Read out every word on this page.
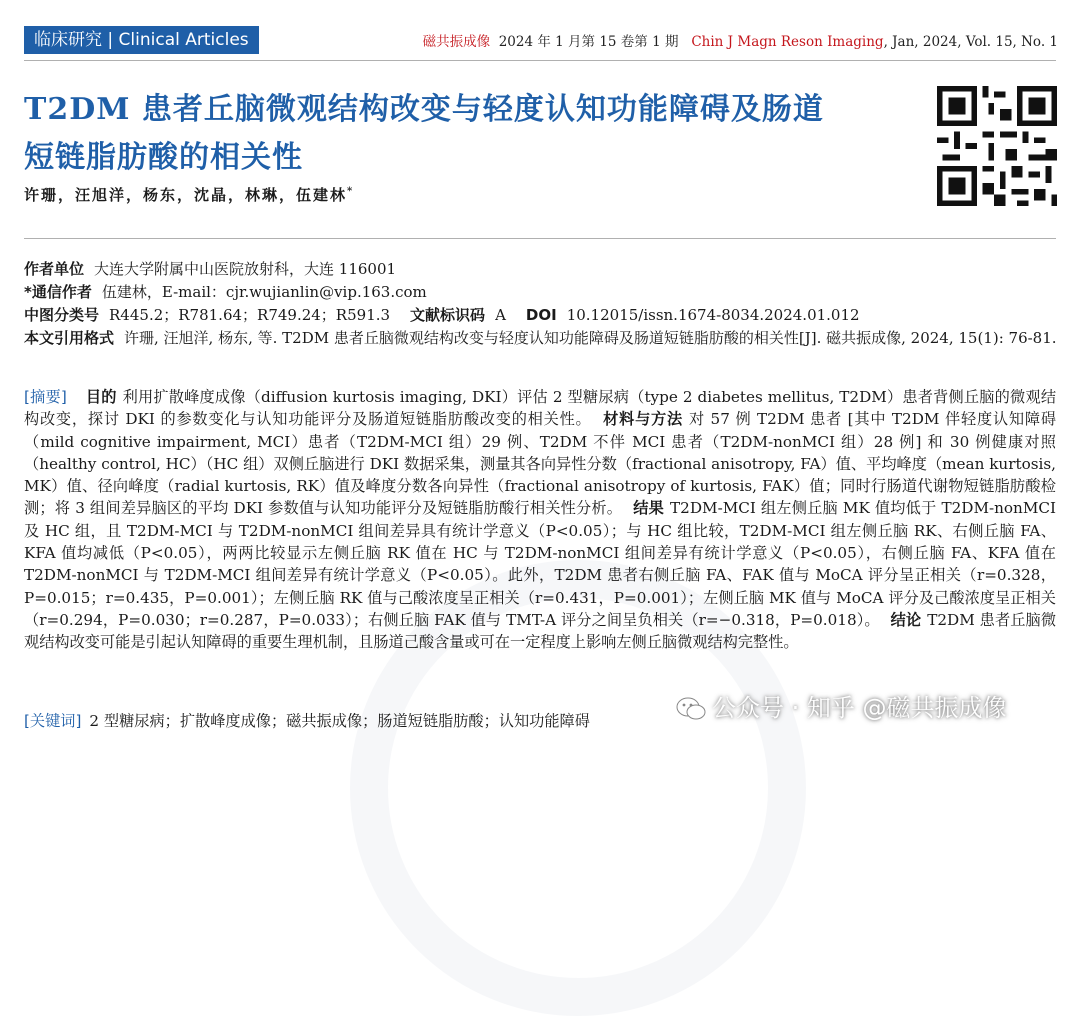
临床研究 | Clinical Articles	磁共振成像 2024 年 1 月第 15 卷第 1 期 Chin J Magn Reson Imaging, Jan, 2024, Vol. 15, No. 1
T2DM 患者丘脑微观结构改变与轻度认知功能障碍及肠道短链脂肪酸的相关性
许珊，汪旭洋，杨东，沈晶，林琳，伍建林*
作者单位 大连大学附属中山医院放射科，大连 116001
*通信作者 伍建林，E-mail：cjr.wujianlin@vip.163.com
中图分类号 R445.2；R781.64；R749.24；R591.3 文献标识码 A DOI 10.12015/issn.1674-8034.2024.01.012
本文引用格式 许珊, 汪旭洋, 杨东, 等. T2DM 患者丘脑微观结构改变与轻度认知功能障碍及肠道短链脂肪酸的相关性[J]. 磁共振成像, 2024, 15(1): 76-81.
[摘要] 目的 利用扩散峰度成像（diffusion kurtosis imaging, DKI）评估 2 型糖尿病（type 2 diabetes mellitus, T2DM）患者背侧丘脑的微观结构改变，探讨 DKI 的参数变化与认知功能评分及肠道短链脂肪酸改变的相关性。 材料与方法 对 57 例 T2DM 患者 [其中 T2DM 伴轻度认知障碍（mild cognitive impairment, MCI）患者（T2DM-MCI 组）29 例、T2DM 不伴 MCI 患者（T2DM-nonMCI 组）28 例] 和 30 例健康对照（healthy control, HC）（HC 组）双侧丘脑进行 DKI 数据采集，测量其各向异性分数（fractional anisotropy, FA）值、平均峰度（mean kurtosis, MK）值、径向峰度（radial kurtosis, RK）值及峰度分数各向异性（fractional anisotropy of kurtosis, FAK）值；同时行肠道代谢物短链脂肪酸检测；将 3 组间差异脑区的平均 DKI 参数值与认知功能评分及短链脂肪酸行相关性分析。 结果 T2DM-MCI 组左侧丘脑 MK 值均低于 T2DM-nonMCI 及 HC 组，且 T2DM-MCI 与 T2DM-nonMCI 组间差异具有统计学意义（P<0.05）；与 HC 组比较，T2DM-MCI 组左侧丘脑 RK、右侧丘脑 FA、KFA 值均减低（P<0.05），两两比较显示左侧丘脑 RK 值在 HC 与 T2DM-nonMCI 组间差异有统计学意义（P<0.05），右侧丘脑 FA、KFA 值在 T2DM-nonMCI 与 T2DM-MCI 组间差异有统计学意义（P<0.05）。此外，T2DM 患者右侧丘脑 FA、FAK 值与 MoCA 评分呈正相关（r=0.328，P=0.015；r=0.435，P=0.001）；左侧丘脑 RK 值与己酸浓度呈正相关（r=0.431，P=0.001）；左侧丘脑 MK 值与 MoCA 评分及己酸浓度呈正相关（r=0.294，P=0.030；r=0.287，P=0.033）；右侧丘脑 FAK 值与 TMT-A 评分之间呈负相关（r=−0.318，P=0.018）。 结论 T2DM 患者丘脑微观结构改变可能是引起认知障碍的重要生理机制，且肠道己酸含量或可在一定程度上影响左侧丘脑微观结构完整性。
[关键词] 2 型糖尿病；扩散峰度成像；磁共振成像；肠道短链脂肪酸；认知功能障碍	公众号 · 知乎 @磁共振成像
